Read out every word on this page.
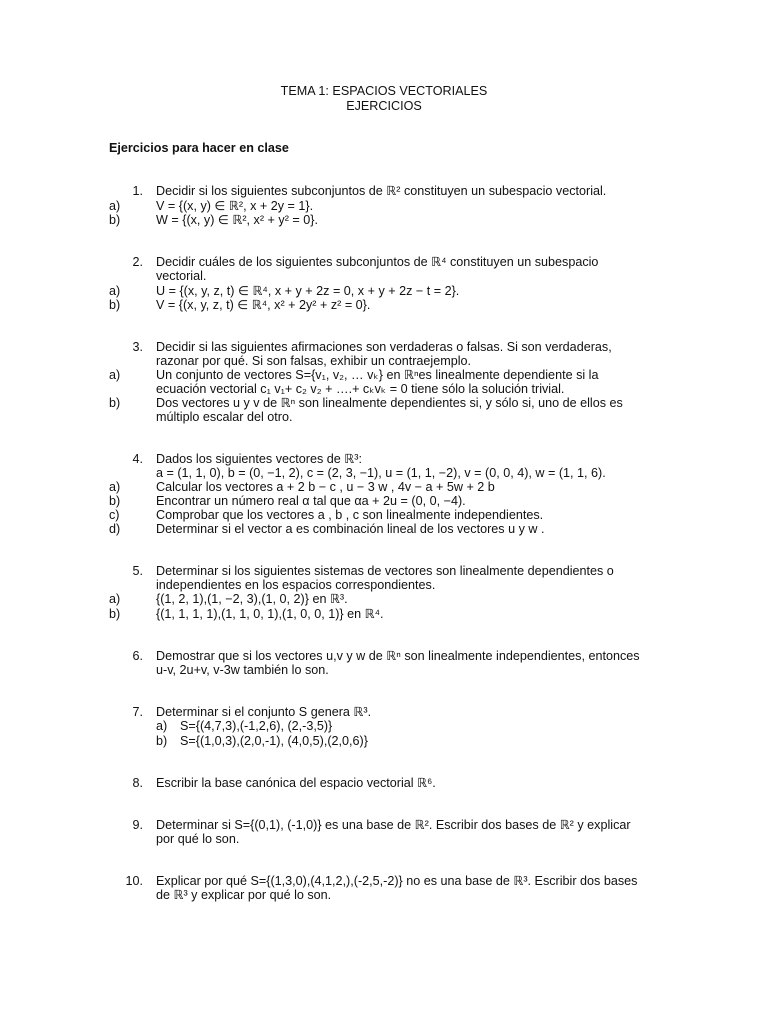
TEMA 1: ESPACIOS VECTORIALES
EJERCICIOS
Ejercicios para hacer en clase
1. Decidir si los siguientes subconjuntos de ℝ² constituyen un subespacio vectorial.
a)	V = {(x, y) ∈ ℝ², x + 2y = 1}.
b)	W = {(x, y) ∈ ℝ², x² + y² = 0}.
2. Decidir cuáles de los siguientes subconjuntos de ℝ⁴ constituyen un subespacio
vectorial.
a)	U = {(x, y, z, t) ∈ ℝ⁴, x + y + 2z = 0, x + y + 2z − t = 2}.
b)	V = {(x, y, z, t) ∈ ℝ⁴, x² + 2y² + z² = 0}.
3. Decidir si las siguientes afirmaciones son verdaderas o falsas. Si son verdaderas,
razonar por qué. Si son falsas, exhibir un contraejemplo.
a)	Un conjunto de vectores S={v₁, v₂, … vₖ} en ℝⁿes linealmente dependiente si la
ecuación vectorial c₁ v₁+ c₂ v₂ + ….+ cₖvₖ = 0 tiene sólo la solución trivial.
b)	Dos vectores u y v de ℝⁿ son linealmente dependientes si, y sólo si, uno de ellos es
múltiplo escalar del otro.
4. Dados los siguientes vectores de ℝ³:
a = (1, 1, 0), b = (0, −1, 2), c = (2, 3, −1), u = (1, 1, −2), v = (0, 0, 4), w = (1, 1, 6).
a)	Calcular los vectores a + 2 b − c , u − 3 w , 4v − a + 5w + 2 b
b)	Encontrar un número real α tal que αa + 2u = (0, 0, −4).
c)	Comprobar que los vectores a , b , c son linealmente independientes.
d)	Determinar si el vector a es combinación lineal de los vectores u y w .
5. Determinar si los siguientes sistemas de vectores son linealmente dependientes o
independientes en los espacios correspondientes.
a)	{(1, 2, 1),(1, −2, 3),(1, 0, 2)} en ℝ³.
b)	{(1, 1, 1, 1),(1, 1, 0, 1),(1, 0, 0, 1)} en ℝ⁴.
6. Demostrar que si los vectores u,v y w de ℝⁿ son linealmente independientes, entonces
u-v, 2u+v, v-3w también lo son.
7. Determinar si el conjunto S genera ℝ³.
a) S={(4,7,3),(-1,2,6), (2,-3,5)}
b) S={(1,0,3),(2,0,-1), (4,0,5),(2,0,6)}
8. Escribir la base canónica del espacio vectorial ℝ⁶.
9. Determinar si S={(0,1), (-1,0)} es una base de ℝ². Escribir dos bases de ℝ² y explicar
por qué lo son.
10. Explicar por qué S={(1,3,0),(4,1,2,),(-2,5,-2)} no es una base de ℝ³. Escribir dos bases
de ℝ³ y explicar por qué lo son.
